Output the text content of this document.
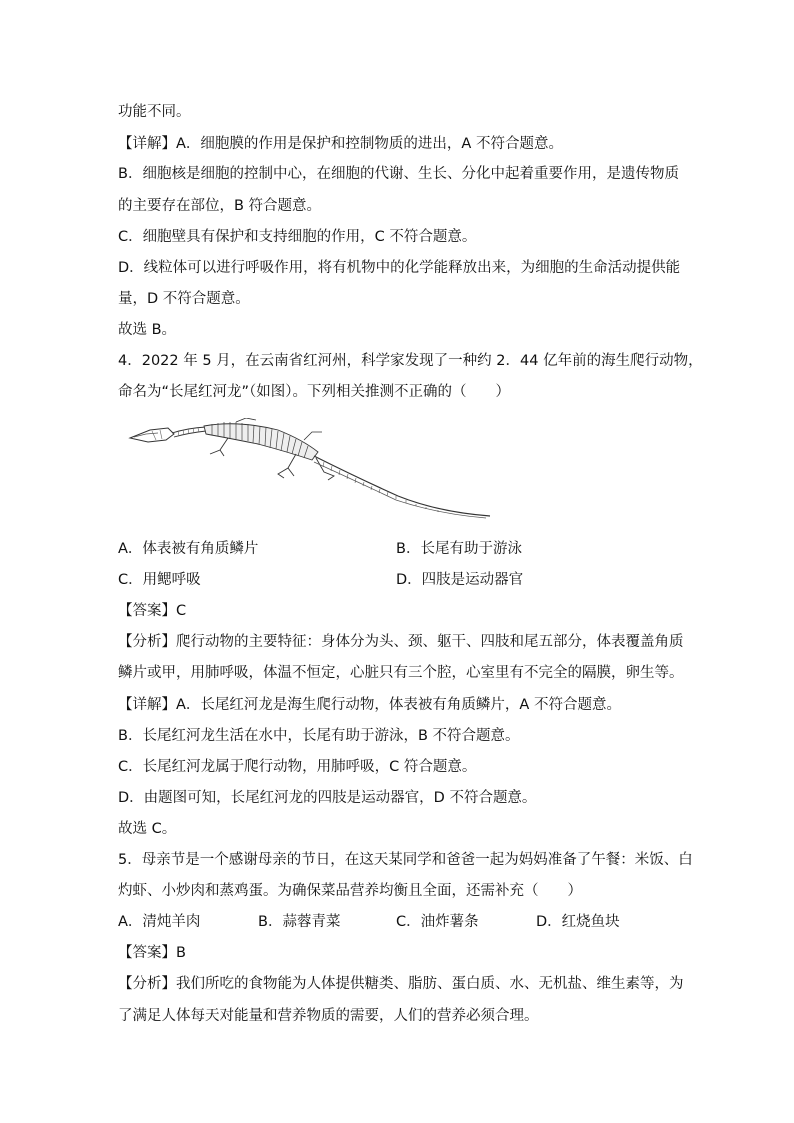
功能不同。
【详解】A．细胞膜的作用是保护和控制物质的进出，A 不符合题意。
B．细胞核是细胞的控制中心，在细胞的代谢、生长、分化中起着重要作用，是遗传物质
的主要存在部位，B 符合题意。
C．细胞壁具有保护和支持细胞的作用，C 不符合题意。
D．线粒体可以进行呼吸作用，将有机物中的化学能释放出来，为细胞的生命活动提供能
量，D 不符合题意。
故选 B。
4．2022 年 5 月，在云南省红河州，科学家发现了一种约 2．44 亿年前的海生爬行动物，
命名为“长尾红河龙”（如图）。下列相关推测不正确的（　　）
A．体表被有角质鳞片	B．长尾有助于游泳
C．用鳃呼吸	D．四肢是运动器官
【答案】C
【分析】爬行动物的主要特征：身体分为头、颈、躯干、四肢和尾五部分，体表覆盖角质
鳞片或甲，用肺呼吸，体温不恒定，心脏只有三个腔，心室里有不完全的隔膜，卵生等。
【详解】A．长尾红河龙是海生爬行动物，体表被有角质鳞片，A 不符合题意。
B．长尾红河龙生活在水中，长尾有助于游泳，B 不符合题意。
C．长尾红河龙属于爬行动物，用肺呼吸，C 符合题意。
D．由题图可知，长尾红河龙的四肢是运动器官，D 不符合题意。
故选 C。
5．母亲节是一个感谢母亲的节日，在这天某同学和爸爸一起为妈妈准备了午餐：米饭、白
灼虾、小炒肉和蒸鸡蛋。为确保菜品营养均衡且全面，还需补充（　　）
A．清炖羊肉	B．蒜蓉青菜	C．油炸薯条	D．红烧鱼块
【答案】B
【分析】我们所吃的食物能为人体提供糖类、脂肪、蛋白质、水、无机盐、维生素等，为
了满足人体每天对能量和营养物质的需要，人们的营养必须合理。
